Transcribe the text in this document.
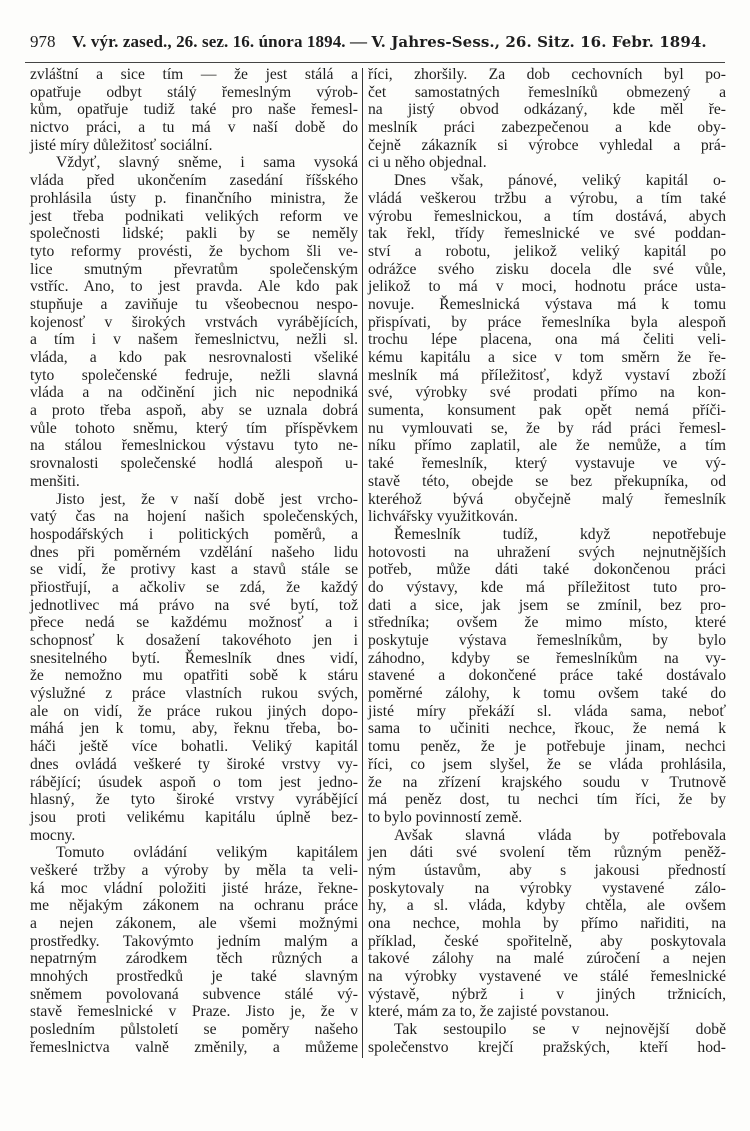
978 V. výr. zased., 26. sez. 16. února 1894. — V. Jahres-Sess., 26. Sitz. 16. Febr. 1894.
zvláštní a sice tím — že jest stálá a
opatřuje odbyt stálý řemeslným výrob-
kům, opatřuje tudiž také pro naše řemesl-
nictvo práci, a tu má v naší době do
jisté míry důležitosť sociální.
Vždyť, slavný sněme, i sama vysoká
vláda před ukončením zasedání říšského
prohlásila ústy p. finančního ministra, že
jest třeba podnikati velikých reform ve
společnosti lidské; pakli by se neměly
tyto reformy provésti, že bychom šli ve-
lice smutným převratům společenským
vstříc. Ano, to jest pravda. Ale kdo pak
stupňuje a zaviňuje tu všeobecnou nespo-
kojenosť v širokých vrstvách vyrábějících,
a tím i v našem řemeslnictvu, nežli sl.
vláda, a kdo pak nesrovnalosti všeliké
tyto společenské fedruje, nežli slavná
vláda a na odčinění jich nic nepodniká
a proto třeba aspoň, aby se uznala dobrá
vůle tohoto sněmu, který tím příspěvkem
na stálou řemeslnickou výstavu tyto ne-
srovnalosti společenské hodlá alespoň u-
menšiti.
Jisto jest, že v naší době jest vrcho-
vatý čas na hojení našich společenských,
hospodářských i politických poměrů, a
dnes při poměrném vzdělání našeho lidu
se vidí, že protivy kast a stavů stále se
přiostřují, a ačkoliv se zdá, že každý
jednotlivec má právo na své bytí, tož
přece nedá se každému možnosť a i
schopnosť k dosažení takovéhoto jen i
snesitelného bytí. Řemeslník dnes vidí,
že nemožno mu opatřiti sobě k stáru
výslužné z práce vlastních rukou svých,
ale on vidí, že práce rukou jiných dopo-
máhá jen k tomu, aby, řeknu třeba, bo-
háči ještě více bohatli. Veliký kapitál
dnes ovládá veškeré ty široké vrstvy vy-
rábějící; úsudek aspoň o tom jest jedno-
hlasný, že tyto široké vrstvy vyrábějící
jsou proti velikému kapitálu úplně bez-
mocny.
Tomuto ovládání velikým kapitálem
veškeré tržby a výroby by měla ta veli-
ká moc vládní položiti jisté hráze, řekne-
me nějakým zákonem na ochranu práce
a nejen zákonem, ale všemi možnými
prostředky. Takovýmto jedním malým a
nepatrným zárodkem těch různých a
mnohých prostředků je také slavným
sněmem povolovaná subvence stálé vý-
stavě řemeslnické v Praze. Jisto je, že v
posledním půlstoletí se poměry našeho
řemeslnictva valně změnily, a můžeme
říci, zhoršily. Za dob cechovních byl po-
čet samostatných řemeslníků obmezený a
na jistý obvod odkázaný, kde měl ře-
meslník práci zabezpečenou a kde oby-
čejně zákazník si výrobce vyhledal a prá-
ci u něho objednal.
Dnes však, pánové, veliký kapitál o-
vládá veškerou tržbu a výrobu, a tím také
výrobu řemeslnickou, a tím dostává, abych
tak řekl, třídy řemeslnické ve své poddan-
ství a robotu, jelikož veliký kapitál po
odrážce svého zisku docela dle své vůle,
jelikož to má v moci, hodnotu práce usta-
novuje. Řemeslnická výstava má k tomu
přispívati, by práce řemeslníka byla alespoň
trochu lépe placena, ona má čeliti veli-
kému kapitálu a sice v tom směrn že ře-
meslník má příležitosť, když vystaví zboží
své, výrobky své prodati přímo na kon-
sumenta, konsument pak opět nemá příči-
nu vymlouvati se, že by rád práci řemesl-
níku přímo zaplatil, ale že nemůže, a tím
také řemeslník, který vystavuje ve vý-
stavě této, obejde se bez překupníka, od
kteréhož bývá obyčejně malý řemeslník
lichvářsky využitkován.
Řemeslník tudíž, když nepotřebuje
hotovosti na uhražení svých nejnutnějších
potřeb, může dáti také dokončenou práci
do výstavy, kde má příležitost tuto pro-
dati a sice, jak jsem se zmínil, bez pro-
středníka; ovšem že mimo místo, které
poskytuje výstava řemeslníkům, by bylo
záhodno, kdyby se řemeslníkům na vy-
stavené a dokončené práce také dostávalo
poměrné zálohy, k tomu ovšem také do
jisté míry překáží sl. vláda sama, neboť
sama to učiniti nechce, řkouc, že nemá k
tomu peněz, že je potřebuje jinam, nechci
říci, co jsem slyšel, že se vláda prohlásila,
že na zřízení krajského soudu v Trutnově
má peněz dost, tu nechci tím říci, že by
to bylo povinností země.
Avšak slavná vláda by potřebovala
jen dáti své svolení těm různým peněž-
ným ústavům, aby s jakousi předností
poskytovaly na výrobky vystavené zálo-
hy, a sl. vláda, kdyby chtěla, ale ovšem
ona nechce, mohla by přímo nařiditi, na
příklad, české spořitelně, aby poskytovala
takové zálohy na malé zúročení a nejen
na výrobky vystavené ve stálé řemeslnické
výstavě, nýbrž i v jiných tržnicích,
které, mám za to, že zajisté povstanou.
Tak sestoupilo se v nejnovější době
společenstvo krejčí pražských, kteří hod-
